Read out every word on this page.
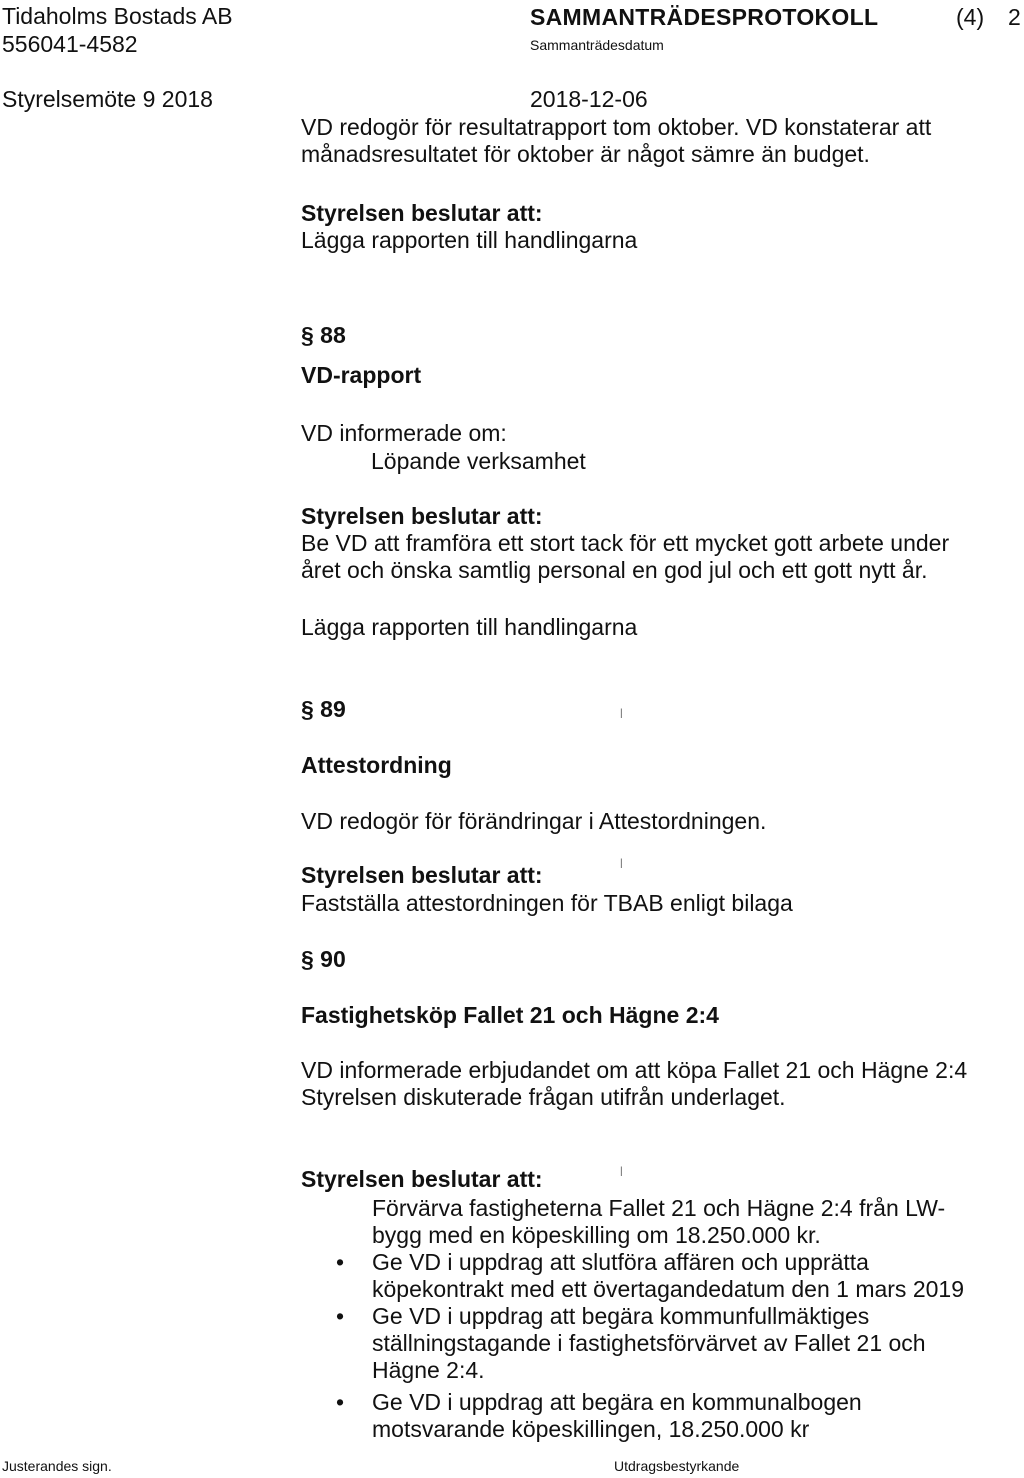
Tidaholms Bostads AB
556041-4582
Styrelsemöte 9 2018
SAMMANTRÄDESPROTOKOLL
Sammanträdesdatum
2018-12-06
(4) 2

VD redogör för resultatrapport tom oktober. VD konstaterar att

månadsresultatet för oktober är något sämre än budget.

Styrelsen beslutar att:

Lägga rapporten till handlingarna

§ 88
VD-rapport
VD informerade om:
Löpande verksamhet

Styrelsen beslutar att:

Be VD att framföra ett stort tack för ett mycket gott arbete under

året och önska samtlig personal en god jul och ett gott nytt år.

Lägga rapporten till handlingarna
§ 89	|
Attestordning
VD redogör för förändringar i Attestordningen.
Styrelsen beslutar att:	|
Fastställa attestordningen för TBAB enligt bilaga
§ 90
Fastighetsköp Fallet 21 och Hägne 2:4

VD informerade erbjudandet om att köpa Fallet 21 och Hägne 2:4

Styrelsen diskuterade frågan utifrån underlaget.

Styrelsen beslutar att:	|
Förvärva fastigheterna Fallet 21 och Hägne 2:4 från LW-
bygg med en köpeskilling om 18.250.000 kr.
• Ge VD i uppdrag att slutföra affären och upprätta
köpekontrakt med ett övertagandedatum den 1 mars 2019
• Ge VD i uppdrag att begära kommunfullmäktiges
ställningstagande i fastighetsförvärvet av Fallet 21 och
Hägne 2:4.
• Ge VD i uppdrag att begära en kommunalbogen
motsvarande köpeskillingen, 18.250.000 kr
Justerandes sign.	Utdragsbestyrkande
